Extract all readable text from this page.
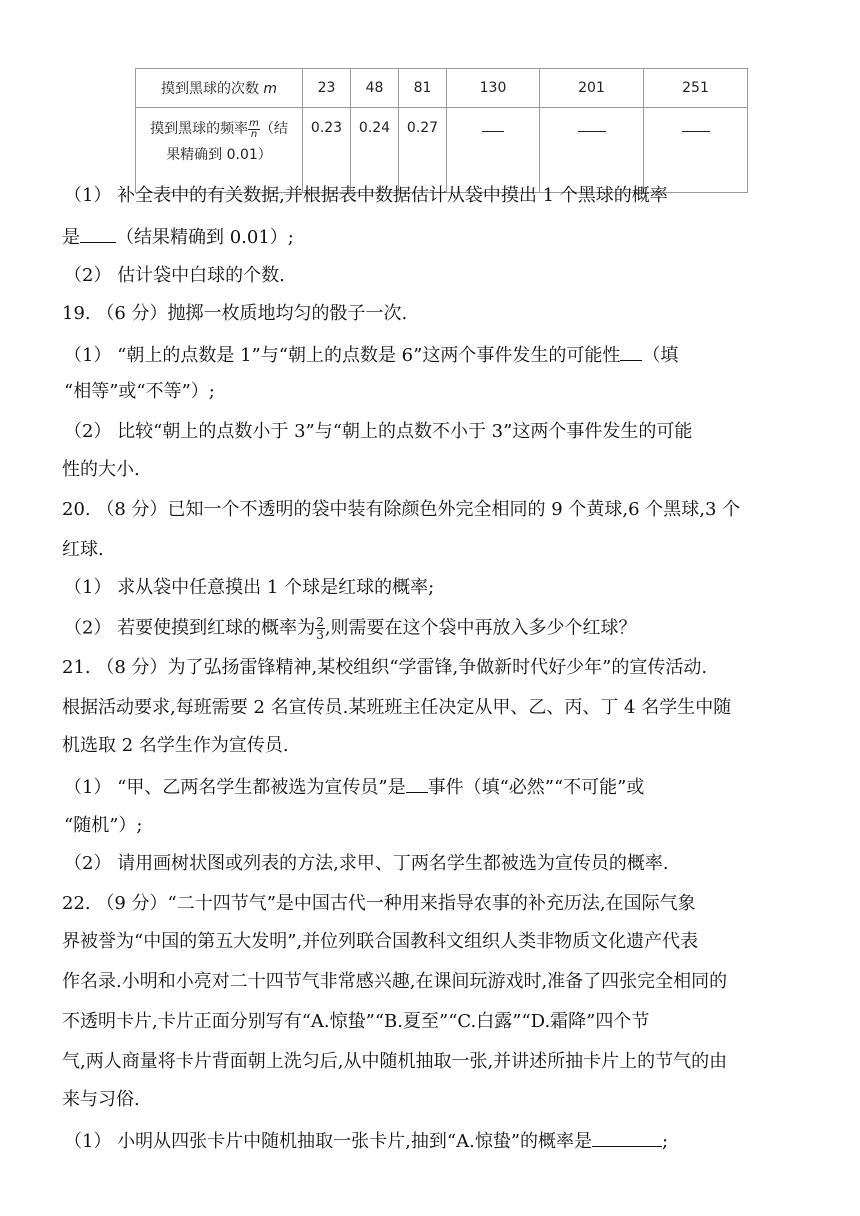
摸到黑球的次数 m	23	48	81	130	201	251
摸到黑球的频率 $\frac{m}{n}$ （结
果精确到 0.01）	0.23	0.24	0.27			
（1） 补全表中的有关数据,并根据表中数据估计从袋中摸出 1 个黑球的概率
是 （结果精确到 0.01）;
（2） 估计袋中白球的个数.
19. （6 分）抛掷一枚质地均匀的骰子一次.
（1） “朝上的点数是 1”与“朝上的点数是 6”这两个事件发生的可能性 （填
“相等”或“不等”）;
（2） 比较“朝上的点数小于 3”与“朝上的点数不小于 3”这两个事件发生的可能
性的大小.
20. （8 分）已知一个不透明的袋中装有除颜色外完全相同的 9 个黄球,6 个黑球,3 个
红球.
（1） 求从袋中任意摸出 1 个球是红球的概率;
（2） 若要使摸到红球的概率为 $\frac{2}{3}$ ,则需要在这个袋中再放入多少个红球？
21. （8 分）为了弘扬雷锋精神,某校组织“学雷锋,争做新时代好少年”的宣传活动.
根据活动要求,每班需要 2 名宣传员.某班班主任决定从甲、乙、丙、丁 4 名学生中随
机选取 2 名学生作为宣传员.
（1） “甲、乙两名学生都被选为宣传员”是 事件（填“必然”“不可能”或
“随机”）;
（2） 请用画树状图或列表的方法,求甲、丁两名学生都被选为宣传员的概率.
22. （9 分）“二十四节气”是中国古代一种用来指导农事的补充历法,在国际气象
界被誉为“中国的第五大发明”,并位列联合国教科文组织人类非物质文化遗产代表
作名录.小明和小亮对二十四节气非常感兴趣,在课间玩游戏时,准备了四张完全相同的
不透明卡片,卡片正面分别写有“A.惊蛰”“B.夏至”“C.白露”“D.霜降”四个节
气,两人商量将卡片背面朝上洗匀后,从中随机抽取一张,并讲述所抽卡片上的节气的由
来与习俗.
（1） 小明从四张卡片中随机抽取一张卡片,抽到“A.惊蛰”的概率是	;
